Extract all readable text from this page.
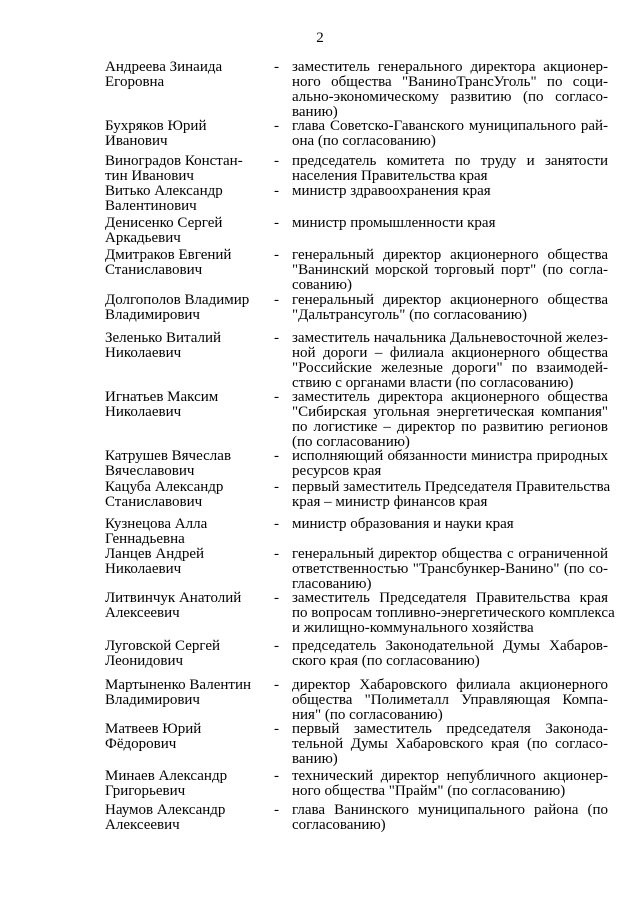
2
Андреева Зинаида
Егоровна
- заместитель генерального директора акционер-
ного общества "ВаниноТрансУголь" по соци-
ально-экономическому развитию (по согласо-
ванию)
Бухряков Юрий
Иванович
- глава Советско-Гаванского муниципального рай-
она (по согласованию)
Виноградов Констан-
тин Иванович
- председатель комитета по труду и занятости
населения Правительства края
Витько Александр
Валентинович
- министр здравоохранения края
Денисенко Сергей
Аркадьевич
- министр промышленности края
Дмитраков Евгений
Станиславович
- генеральный директор акционерного общества
"Ванинский морской торговый порт" (по согла-
сованию)
Долгополов Владимир
Владимирович
- генеральный директор акционерного общества
"Дальтрансуголь" (по согласованию)
Зеленько Виталий
Николаевич
- заместитель начальника Дальневосточной желез-
ной дороги – филиала акционерного общества
"Российские железные дороги" по взаимодей-
ствию с органами власти (по согласованию)
Игнатьев Максим
Николаевич
- заместитель директора акционерного общества
"Сибирская угольная энергетическая компания"
по логистике – директор по развитию регионов
(по согласованию)
Катрушев Вячеслав
Вячеславович
- исполняющий обязанности министра природных
ресурсов края
Кацуба Александр
Станиславович
- первый заместитель Председателя Правительства
края – министр финансов края
Кузнецова Алла
Геннадьевна
- министр образования и науки края
Ланцев Андрей
Николаевич
- генеральный директор общества с ограниченной
ответственностью "Трансбункер-Ванино" (по со-
гласованию)
Литвинчук Анатолий
Алексеевич
- заместитель Председателя Правительства края
по вопросам топливно-энергетического комплекса
и жилищно-коммунального хозяйства
Луговской Сергей
Леонидович
- председатель Законодательной Думы Хабаров-
ского края (по согласованию)
Мартыненко Валентин
Владимирович
- директор Хабаровского филиала акционерного
общества "Полиметалл Управляющая Компа-
ния" (по согласованию)
Матвеев Юрий
Фёдорович
- первый заместитель председателя Законода-
тельной Думы Хабаровского края (по согласо-
ванию)
Минаев Александр
Григорьевич
- технический директор непубличного акционер-
ного общества "Прайм" (по согласованию)
Наумов Александр
Алексеевич
- глава Ванинского муниципального района (по
согласованию)
